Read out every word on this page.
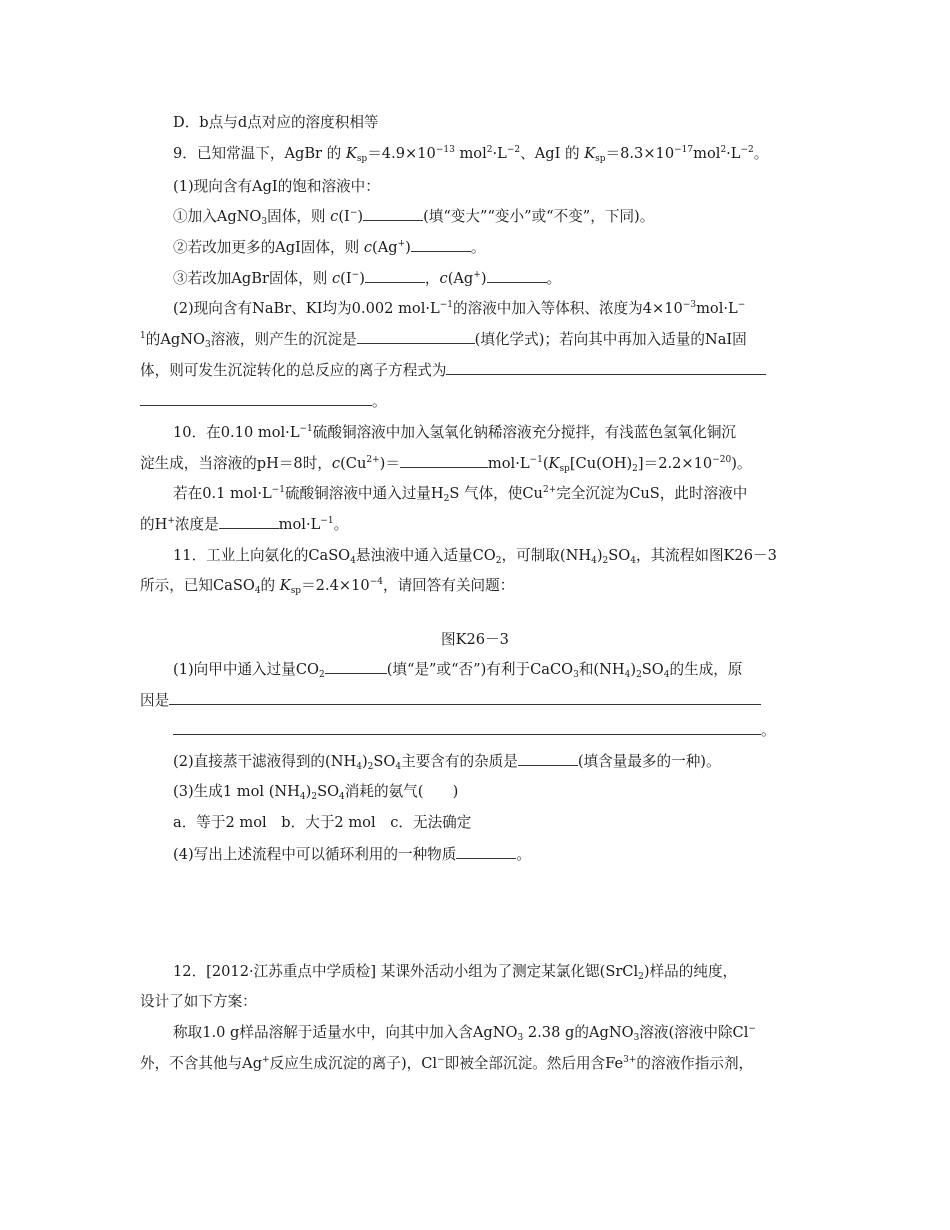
D．b点与d点对应的溶度积相等
9．已知常温下，AgBr 的 $K_{sp}=4.9\times 10^{-13}$ $mol^2\cdot L^{-2}$、AgI 的 $K_{sp}=8.3\times 10^{-17}mol^2\cdot L^{-2}$。
(1)现向含有AgI的饱和溶液中：
①加入AgNO$_3$固体，则 c(I−)	(填“变大”“变小”或“不变”，下同)。
②若改加更多的AgI固体，则 c(Ag+)	。
③若改加AgBr固体，则 c(I−)	，c(Ag+)	。
(2)现向含有NaBr、KI均为0.002 $mol\cdot L^{-1}$的溶液中加入等体积、浓度为$4\times 10^{-3}mol\cdot L^-$
$^1$的AgNO$_3$溶液，则产生的沉淀是	(填化学式)；若向其中再加入适量的NaI固
体，则可发生沉淀转化的总反应的离子方程式为
。
10．在0.10 $mol\cdot L^{-1}$硫酸铜溶液中加入氢氧化钠稀溶液充分搅拌，有浅蓝色氢氧化铜沉
淀生成，当溶液的pH＝8时，$c(Cu^{2+})=$	$mol\cdot L^{-1}(K_{sp}[Cu(OH)_2]=2.2\times 10^{-20})$。
若在0.1 $mol\cdot L^{-1}$硫酸铜溶液中通入过量$H_2S$ 气体，使$Cu^{2+}$完全沉淀为CuS，此时溶液中
的H+浓度是	$mol\cdot L^{-1}$。
11．工业上向氨化的CaSO$_4$悬浊液中通入适量$CO_2$，可制取$(NH_4)_2SO_4$，其流程如图K26－3
所示，已知CaSO$_4$的 $K_{sp}=2.4\times 10^{-4}$，请回答有关问题：
图K26－3
(1)向甲中通入过量$CO_2$	(填“是”或“否”)有利于CaCO$_3$和$(NH_4)_2SO_4$的生成，原
因是
。
(2)直接蒸干滤液得到的$(NH_4)_2SO_4$主要含有的杂质是	(填含量最多的一种)。
(3)生成1 mol $(NH_4)_2SO_4$消耗的氨气(　　)
a．等于2 mol　b．大于2 mol　c．无法确定
(4)写出上述流程中可以循环利用的一种物质	。
12．[2012·江苏重点中学质检] 某课外活动小组为了测定某氯化锶(SrCl$_2$)样品的纯度，
设计了如下方案：
称取1.0 g样品溶解于适量水中，向其中加入含AgNO$_3$ 2.38 g的AgNO$_3$溶液(溶液中除Cl−
外，不含其他与Ag+反应生成沉淀的离子)，Cl−即被全部沉淀。然后用含$Fe^{3+}$的溶液作指示剂，
